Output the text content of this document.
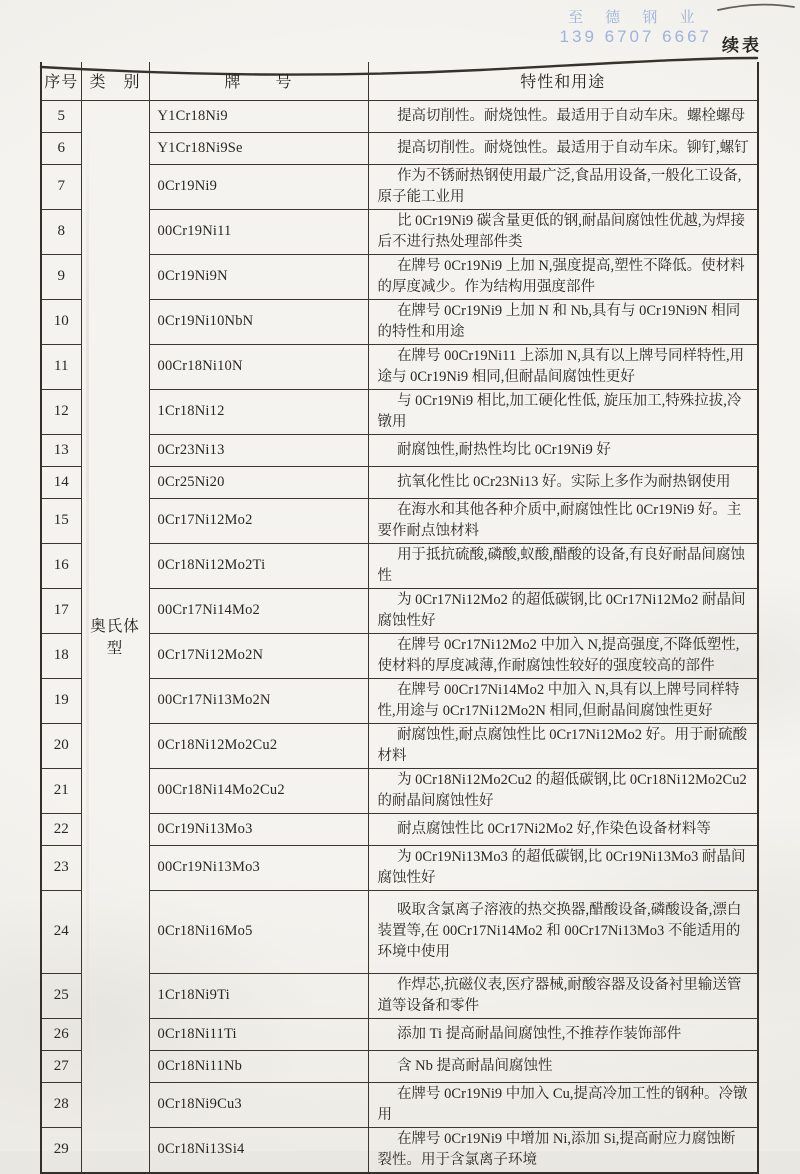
至 德 钢 业
139 6707 6667 续表
序号	类　别	牌　　号	特性和用途
5	奥氏体型	Y1Cr18Ni9	提高切削性。耐烧蚀性。最适用于自动车床。螺栓螺母

6		Y1Cr18Ni9Se	提高切削性。耐烧蚀性。最适用于自动车床。铆钉,螺钉

7		0Cr19Ni9	作为不锈耐热钢使用最广泛,食品用设备,一般化工设备,原子能工业用

8		00Cr19Ni11	比 0Cr19Ni9 碳含量更低的钢,耐晶间腐蚀性优越,为焊接后不进行热处理部件类

9		0Cr19Ni9N	在牌号 0Cr19Ni9 上加 N,强度提高,塑性不降低。使材料的厚度减少。作为结构用强度部件

10		0Cr19Ni10NbN	在牌号 0Cr19Ni9 上加 N 和 Nb,具有与 0Cr19Ni9N 相同的特性和用途

11		00Cr18Ni10N	在牌号 00Cr19Ni11 上添加 N,具有以上牌号同样特性,用途与 0Cr19Ni9 相同,但耐晶间腐蚀性更好

12		1Cr18Ni12	与 0Cr19Ni9 相比,加工硬化性低, 旋压加工,特殊拉拔,冷镦用

13		0Cr23Ni13	耐腐蚀性,耐热性均比 0Cr19Ni9 好

14		0Cr25Ni20	抗氧化性比 0Cr23Ni13 好。实际上多作为耐热钢使用

15		0Cr17Ni12Mo2	在海水和其他各种介质中,耐腐蚀性比 0Cr19Ni9 好。主要作耐点蚀材料

16		0Cr18Ni12Mo2Ti	用于抵抗硫酸,磷酸,蚁酸,醋酸的设备,有良好耐晶间腐蚀性

17		00Cr17Ni14Mo2	为 0Cr17Ni12Mo2 的超低碳钢,比 0Cr17Ni12Mo2 耐晶间腐蚀性好

18		0Cr17Ni12Mo2N	在牌号 0Cr17Ni12Mo2 中加入 N,提高强度,不降低塑性,使材料的厚度减薄,作耐腐蚀性较好的强度较高的部件

19		00Cr17Ni13Mo2N	在牌号 00Cr17Ni14Mo2 中加入 N,具有以上牌号同样特性,用途与 0Cr17Ni12Mo2N 相同,但耐晶间腐蚀性更好

20		0Cr18Ni12Mo2Cu2	耐腐蚀性,耐点腐蚀性比 0Cr17Ni12Mo2 好。用于耐硫酸材料

21		00Cr18Ni14Mo2Cu2	为 0Cr18Ni12Mo2Cu2 的超低碳钢,比 0Cr18Ni12Mo2Cu2 的耐晶间腐蚀性好

22		0Cr19Ni13Mo3	耐点腐蚀性比 0Cr17Ni2Mo2 好,作染色设备材料等

23		00Cr19Ni13Mo3	为 0Cr19Ni13Mo3 的超低碳钢,比 0Cr19Ni13Mo3 耐晶间腐蚀性好

24		0Cr18Ni16Mo5	吸取含氯离子溶液的热交换器,醋酸设备,磷酸设备,漂白装置等,在 00Cr17Ni14Mo2 和 00Cr17Ni13Mo3 不能适用的环境中使用

25		1Cr18Ni9Ti	作焊芯,抗磁仪表,医疗器械,耐酸容器及设备衬里输送管道等设备和零件

26		0Cr18Ni11Ti	添加 Ti 提高耐晶间腐蚀性,不推荐作装饰部件

27		0Cr18Ni11Nb	含 Nb 提高耐晶间腐蚀性

28		0Cr18Ni9Cu3	在牌号 0Cr19Ni9 中加入 Cu,提高冷加工性的钢种。冷镦用

29		0Cr18Ni13Si4	在牌号 0Cr19Ni9 中增加 Ni,添加 Si,提高耐应力腐蚀断裂性。用于含氯离子环境
